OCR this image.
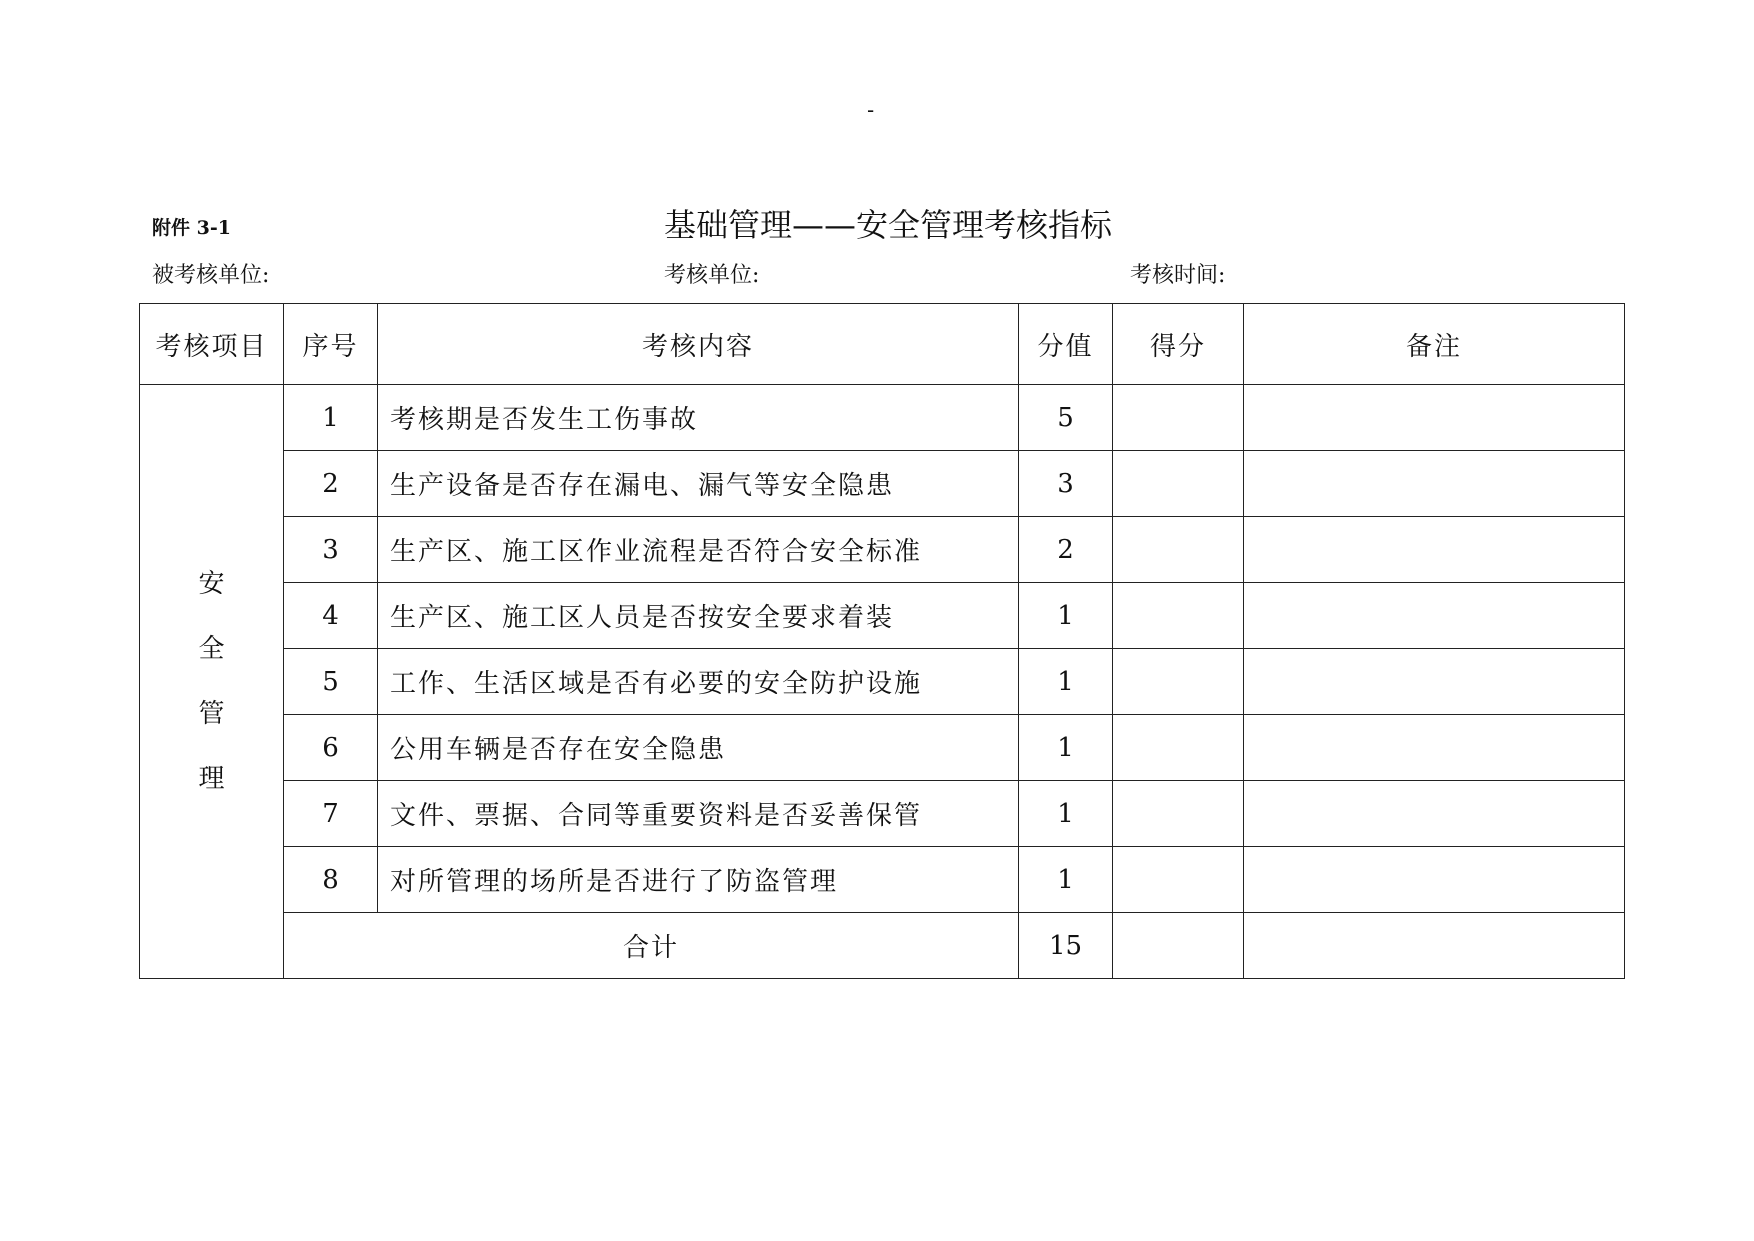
-
附件 3-1	基础管理——安全管理考核指标
被考核单位:	考核单位:	考核时间:
考核项目	序号	考核内容	分值	得分	备注

安
全
管
理	1	考核期是否发生工伤事故	5		
	2	生产设备是否存在漏电、漏气等安全隐患	3		
	3	生产区、施工区作业流程是否符合安全标准	2		
	4	生产区、施工区人员是否按安全要求着装	1		
	5	工作、生活区域是否有必要的安全防护设施	1		
	6	公用车辆是否存在安全隐患	1		
	7	文件、票据、合同等重要资料是否妥善保管	1		
	8	对所管理的场所是否进行了防盗管理	1		
	合计		15		
